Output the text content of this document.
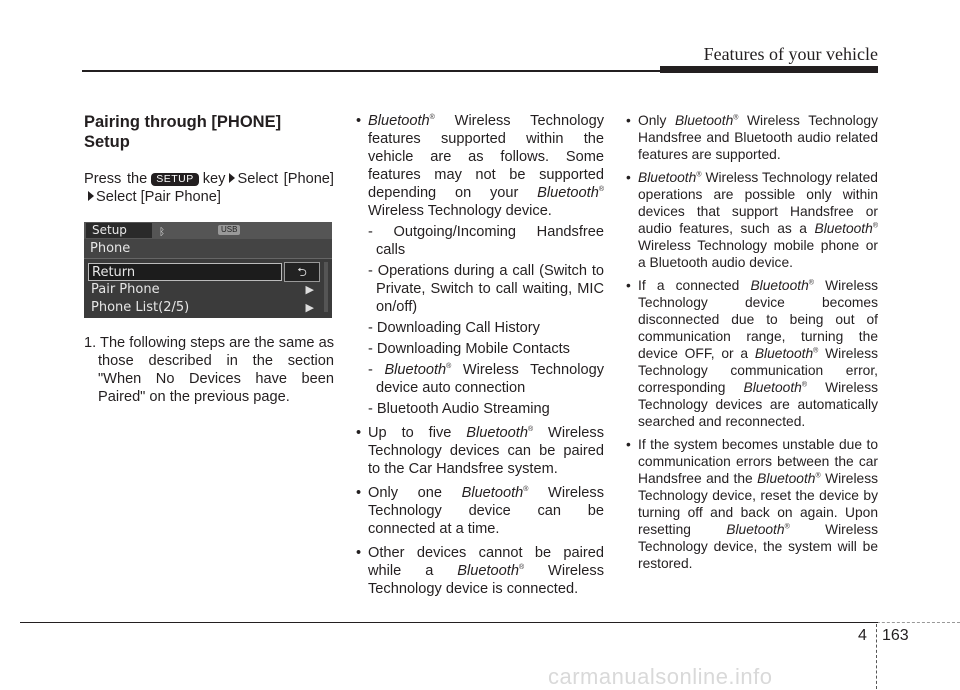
Features of your vehicle
Pairing through [PHONE]
Setup

Press the SETUP key Select [Phone]Select [Pair Phone]

Setup	ᛒ	USB
Phone
Return	⮌
Pair Phone	▶
Phone List(2/5)	▶
1. The following steps are the same as those described in the section "When No Devices have been Paired" on the previous page.
• Bluetooth® Wireless Technology features supported within the vehicle are as follows. Some features may not be supported depending on your Bluetooth® Wireless Technology device.
- Outgoing/Incoming Handsfree calls
- Operations during a call (Switch to Private, Switch to call waiting, MIC on/off)
- Downloading Call History
- Downloading Mobile Contacts
- Bluetooth® Wireless Technology device auto connection
- Bluetooth Audio Streaming
• Up to five Bluetooth® Wireless Technology devices can be paired to the Car Handsfree system.
• Only one Bluetooth® Wireless Technology device can be connected at a time.
• Other devices cannot be paired while a Bluetooth® Wireless Technology device is connected.
• Only Bluetooth® Wireless Technology Handsfree and Bluetooth audio related features are supported.
• Bluetooth® Wireless Technology related operations are possible only within devices that support Handsfree or audio features, such as a Bluetooth® Wireless Technology mobile phone or a Bluetooth audio device.
• If a connected Bluetooth® Wireless Technology device becomes disconnected due to being out of communication range, turning the device OFF, or a Bluetooth® Wireless Technology communication error, corresponding Bluetooth® Wireless Technology devices are automatically searched and reconnected.
• If the system becomes unstable due to communication errors between the car Handsfree and the Bluetooth® Wireless Technology device, reset the device by turning off and back on again. Upon resetting Bluetooth® Wireless Technology device, the system will be restored.
4 163
carmanualsonline.info
